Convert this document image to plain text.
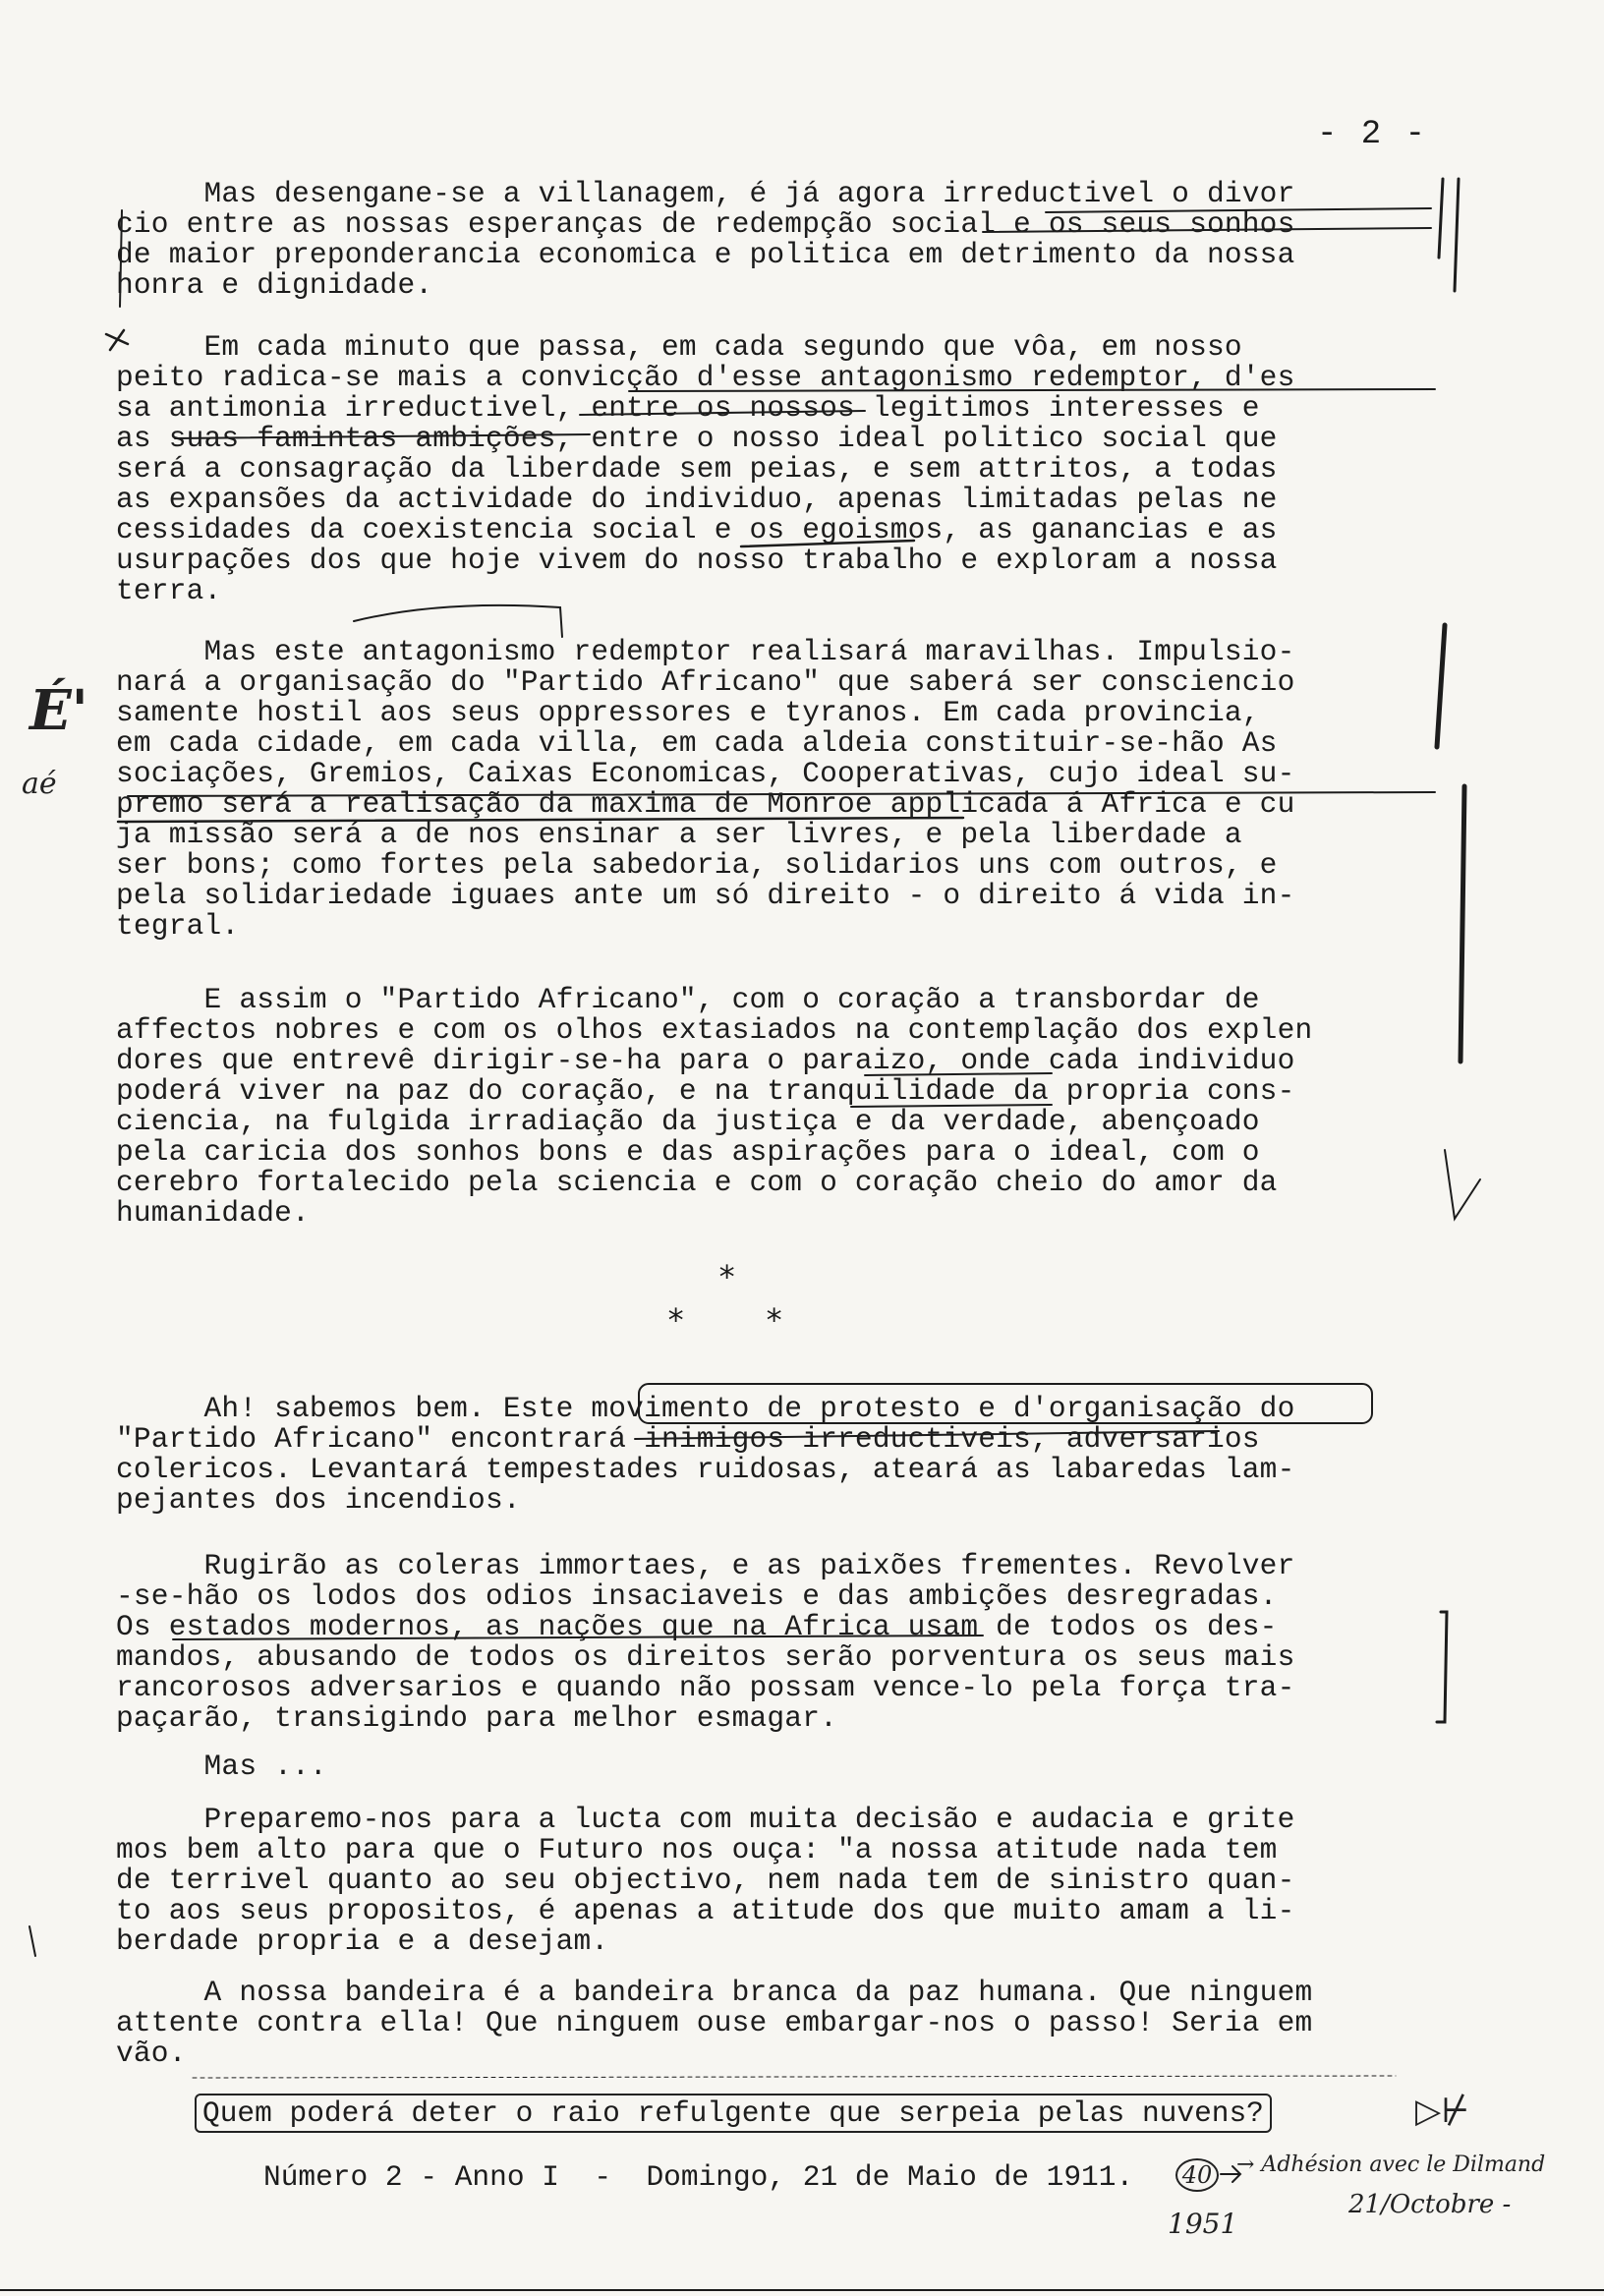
- 2 -

Mas desengane-se a villanagem, é já agora irreductivel o divor
cio entre as nossas esperanças de redempção social e os seus sonhos
de maior preponderancia economica e politica em detrimento da nossa
honra e dignidade.

Em cada minuto que passa, em cada segundo que vôa, em nosso
peito radica-se mais a convicção d'esse antagonismo redemptor, d'es
sa antimonia irreductivel, entre os nossos legitimos interesses e
as suas famintas ambições, entre o nosso ideal politico social que
será a consagração da liberdade sem peias, e sem attritos, a todas
as expansões da actividade do individuo, apenas limitadas pelas ne
cessidades da coexistencia social e os egoismos, as ganancias e as
usurpações dos que hoje vivem do nosso trabalho e exploram a nossa
terra.

Mas este antagonismo redemptor realisará maravilhas. Impulsio-
nará a organisação do "Partido Africano" que saberá ser consciencio
samente hostil aos seus oppressores e tyranos. Em cada provincia,
em cada cidade, em cada villa, em cada aldeia constituir-se-hão As
sociações, Gremios, Caixas Economicas, Cooperativas, cujo ideal su-
premo será a realisação da maxima de Monroe applicada á Africa e cu
ja missão será a de nos ensinar a ser livres, e pela liberdade a
ser bons; como fortes pela sabedoria, solidarios uns com outros, e
pela solidariedade iguaes ante um só direito - o direito á vida in-
tegral.

E assim o "Partido Africano", com o coração a transbordar de
affectos nobres e com os olhos extasiados na contemplação dos explen
dores que entrevê dirigir-se-ha para o paraizo, onde cada individuo
poderá viver na paz do coração, e na tranquilidade da propria cons-
ciencia, na fulgida irradiação da justiça e da verdade, abençoado
pela caricia dos sonhos bons e das aspirações para o ideal, com o
cerebro fortalecido pela sciencia e com o coração cheio do amor da
humanidade.

*
*	*

Ah! sabemos bem. Este movimento de protesto e d'organisação do
"Partido Africano" encontrará inimigos irreductiveis, adversarios
colericos. Levantará tempestades ruidosas, ateará as labaredas lam-
pejantes dos incendios.

Rugirão as coleras immortaes, e as paixões frementes. Revolver
-se-hão os lodos dos odios insaciaveis e das ambições desregradas.
Os estados modernos, as nações que na Africa usam de todos os des-
mandos, abusando de todos os direitos serão porventura os seus mais
rancorosos adversarios e quando não possam vence-lo pela força tra-
paçarão, transigindo para melhor esmagar.

Mas ...

Preparemo-nos para a lucta com muita decisão e audacia e grite
mos bem alto para que o Futuro nos ouça: "a nossa atitude nada tem
de terrivel quanto ao seu objectivo, nem nada tem de sinistro quan-
to aos seus propositos, é apenas a atitude dos que muito amam a li-
berdade propria e a desejam.

A nossa bandeira é a bandeira branca da paz humana. Que ninguem
attente contra ella! Que ninguem ouse embargar-nos o passo! Seria em
vão.

Quem poderá deter o raio refulgente que serpeia pelas nuvens?
Número 2 - Anno I  -  Domingo, 21 de Maio de 1911.
É'
aé
40	→ Adhésion avec le Dilmand
1951
21/Octobre -
▷⊬
